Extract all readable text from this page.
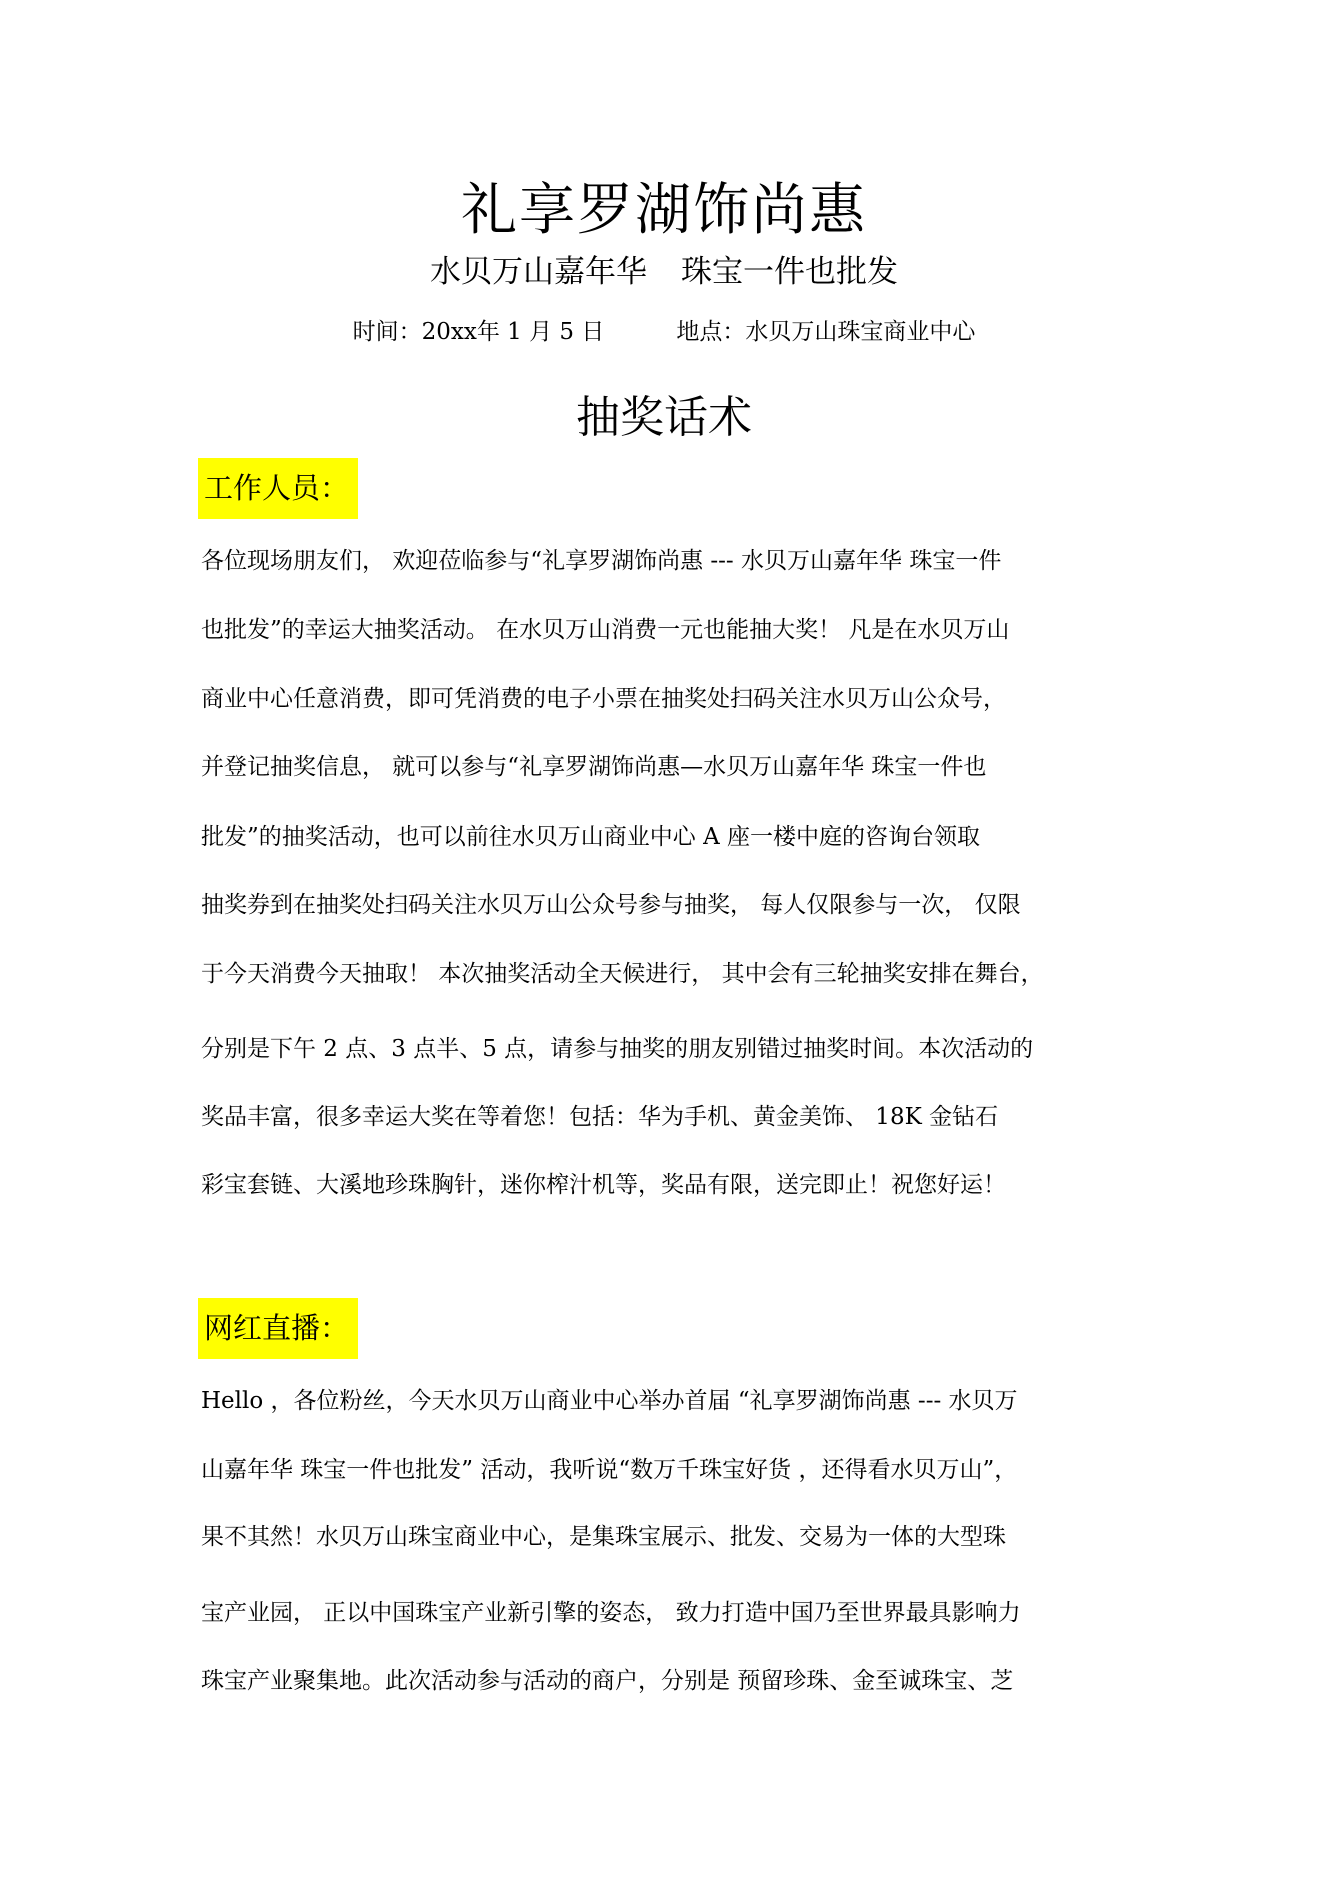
礼享罗湖饰尚惠
水贝万山嘉年华 珠宝一件也批发
时间：20xx年 1 月 5 日	地点：水贝万山珠宝商业中心
抽奖话术
工作人员：
各位现场朋友们， 欢迎莅临参与“礼享罗湖饰尚惠 --- 水贝万山嘉年华 珠宝一件
也批发”的幸运大抽奖活动。 在水贝万山消费一元也能抽大奖！ 凡是在水贝万山
商业中心任意消费，即可凭消费的电子小票在抽奖处扫码关注水贝万山公众号，
并登记抽奖信息， 就可以参与“礼享罗湖饰尚惠—水贝万山嘉年华 珠宝一件也
批发”的抽奖活动，也可以前往水贝万山商业中心 A 座一楼中庭的咨询台领取
抽奖券到在抽奖处扫码关注水贝万山公众号参与抽奖， 每人仅限参与一次， 仅限
于今天消费今天抽取！ 本次抽奖活动全天候进行， 其中会有三轮抽奖安排在舞台，
分别是下午 2 点、3 点半、5 点，请参与抽奖的朋友别错过抽奖时间。本次活动的
奖品丰富，很多幸运大奖在等着您！包括：华为手机、黄金美饰、 18K 金钻石
彩宝套链、大溪地珍珠胸针，迷你榨汁机等，奖品有限，送完即止！祝您好运！
网红直播：
Hello ，各位粉丝，今天水贝万山商业中心举办首届 “礼享罗湖饰尚惠 --- 水贝万
山嘉年华 珠宝一件也批发” 活动，我听说“数万千珠宝好货 ，还得看水贝万山”，
果不其然！水贝万山珠宝商业中心，是集珠宝展示、批发、交易为一体的大型珠
宝产业园， 正以中国珠宝产业新引擎的姿态， 致力打造中国乃至世界最具影响力
珠宝产业聚集地。此次活动参与活动的商户，分别是 预留珍珠、金至诚珠宝、芝
